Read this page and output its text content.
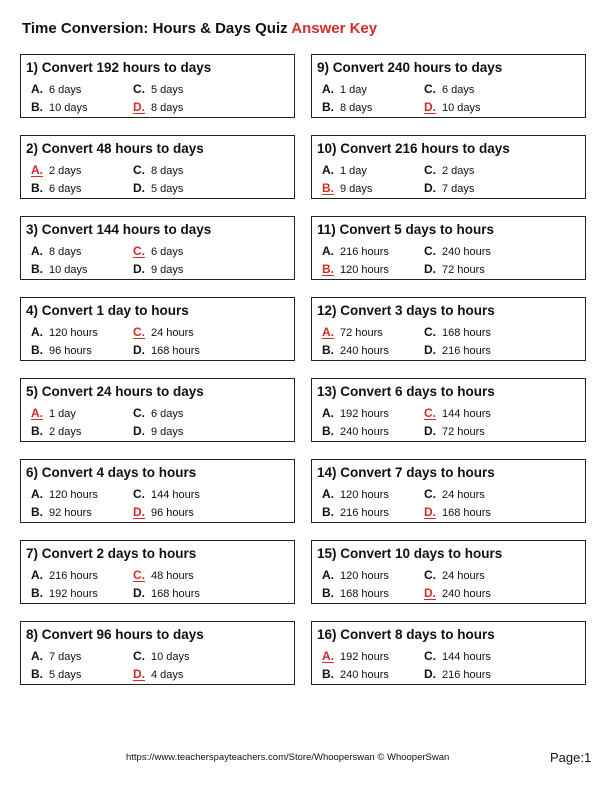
Time Conversion: Hours & Days Quiz Answer Key
1) Convert 192 hours to days
A. 6 days	C. 5 days
B. 10 days	D. 8 days
2) Convert 48 hours to days
A. 2 days	C. 8 days
B. 6 days	D. 5 days
3) Convert 144 hours to days
A. 8 days	C. 6 days
B. 10 days	D. 9 days
4) Convert 1 day to hours
A. 120 hours	C. 24 hours
B. 96 hours	D. 168 hours
5) Convert 24 hours to days
A. 1 day	C. 6 days
B. 2 days	D. 9 days
6) Convert 4 days to hours
A. 120 hours	C. 144 hours
B. 92 hours	D. 96 hours
7) Convert 2 days to hours
A. 216 hours	C. 48 hours
B. 192 hours	D. 168 hours
8) Convert 96 hours to days
A. 7 days	C. 10 days
B. 5 days	D. 4 days
9) Convert 240 hours to days
A. 1 day	C. 6 days
B. 8 days	D. 10 days
10) Convert 216 hours to days
A. 1 day	C. 2 days
B. 9 days	D. 7 days
11) Convert 5 days to hours
A. 216 hours	C. 240 hours
B. 120 hours	D. 72 hours
12) Convert 3 days to hours
A. 72 hours	C. 168 hours
B. 240 hours	D. 216 hours
13) Convert 6 days to hours
A. 192 hours	C. 144 hours
B. 240 hours	D. 72 hours
14) Convert 7 days to hours
A. 120 hours	C. 24 hours
B. 216 hours	D. 168 hours
15) Convert 10 days to hours
A. 120 hours	C. 24 hours
B. 168 hours	D. 240 hours
16) Convert 8 days to hours
A. 192 hours	C. 144 hours
B. 240 hours	D. 216 hours
https://www.teacherspayteachers.com/Store/Whooperswan © WhooperSwan	Page:1
